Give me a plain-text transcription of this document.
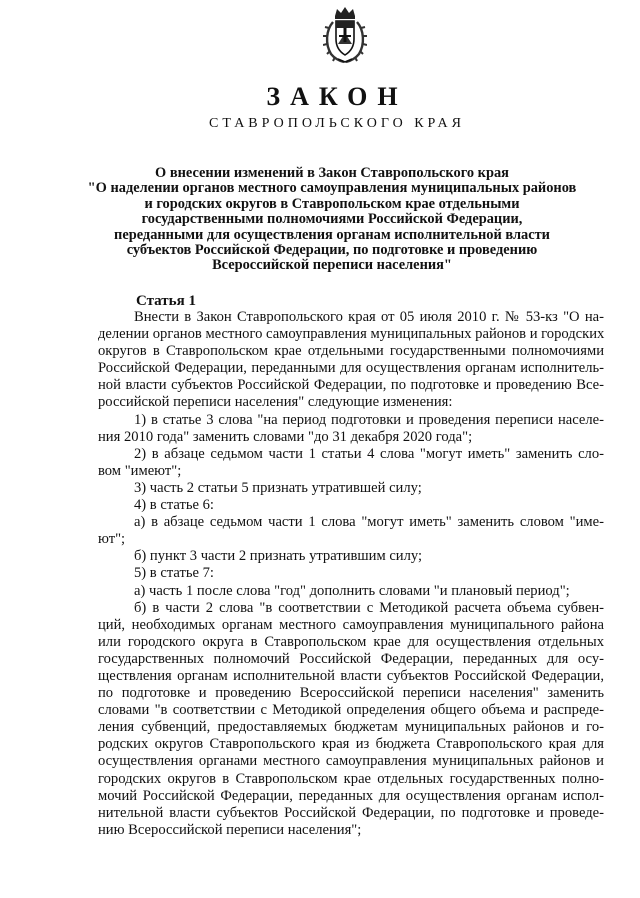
ЗАКОН
СТАВРОПОЛЬСКОГО КРАЯ
О внесении изменений в Закон Ставропольского края
"О наделении органов местного самоуправления муниципальных районов
и городских округов в Ставропольском крае отдельными
государственными полномочиями Российской Федерации,
переданными для осуществления органам исполнительной власти
субъектов Российской Федерации, по подготовке и проведению
Всероссийской переписи населения"
Статья 1
Внести в Закон Ставропольского края от 05 июля 2010 г. № 53-кз "О на-
делении органов местного самоуправления муниципальных районов и городских
округов в Ставропольском крае отдельными государственными полномочиями
Российской Федерации, переданными для осуществления органам исполнитель-
ной власти субъектов Российской Федерации, по подготовке и проведению Все-
российской переписи населения" следующие изменения:
1) в статье 3 слова "на период подготовки и проведения переписи населе-
ния 2010 года" заменить словами "до 31 декабря 2020 года";
2) в абзаце седьмом части 1 статьи 4 слова "могут иметь" заменить сло-
вом "имеют";
3) часть 2 статьи 5 признать утратившей силу;
4) в статье 6:
а) в абзаце седьмом части 1 слова "могут иметь" заменить словом "име-
ют";
б) пункт 3 части 2 признать утратившим силу;
5) в статье 7:
а) часть 1 после слова "год" дополнить словами "и плановый период";
б) в части 2 слова "в соответствии с Методикой расчета объема субвен-
ций, необходимых органам местного самоуправления муниципального района
или городского округа в Ставропольском крае для осуществления отдельных
государственных полномочий Российской Федерации, переданных для осу-
ществления органам исполнительной власти субъектов Российской Федерации,
по подготовке и проведению Всероссийской переписи населения" заменить
словами "в соответствии с Методикой определения общего объема и распреде-
ления субвенций, предоставляемых бюджетам муниципальных районов и го-
родских округов Ставропольского края из бюджета Ставропольского края для
осуществления органами местного самоуправления муниципальных районов и
городских округов в Ставропольском крае отдельных государственных полно-
мочий Российской Федерации, переданных для осуществления органам испол-
нительной власти субъектов Российской Федерации, по подготовке и проведе-
нию Всероссийской переписи населения";
